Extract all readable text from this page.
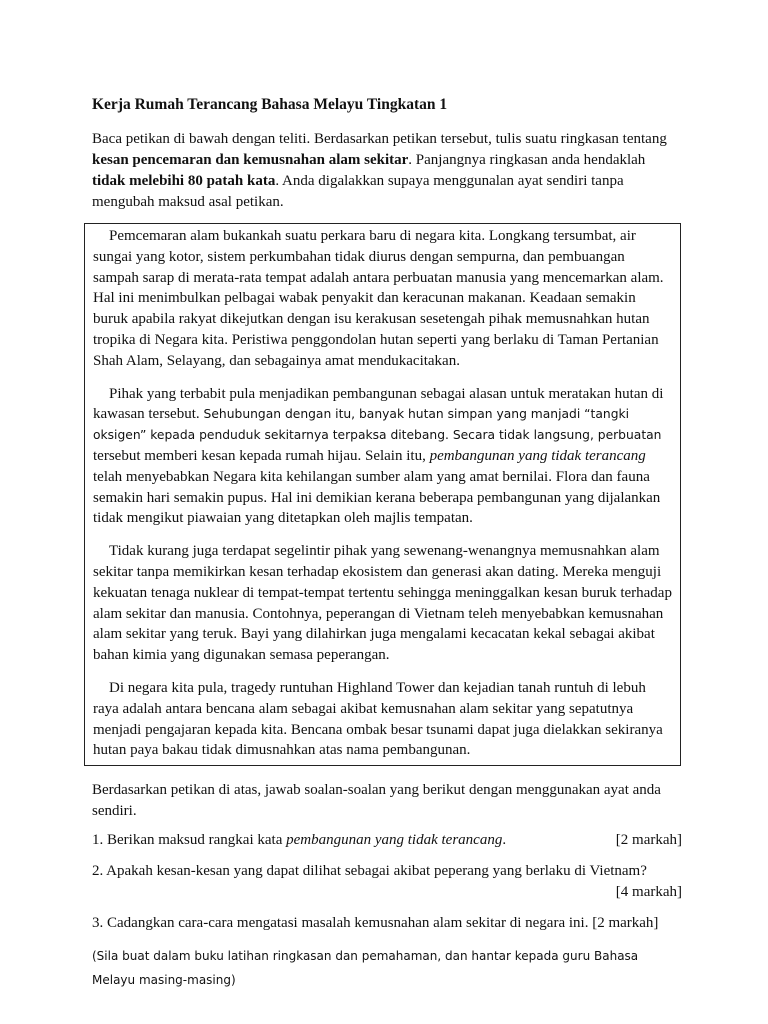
Kerja Rumah Terancang Bahasa Melayu Tingkatan 1
Baca petikan di bawah dengan teliti. Berdasarkan petikan tersebut, tulis suatu ringkasan tentang kesan pencemaran dan kemusnahan alam sekitar. Panjangnya ringkasan anda hendaklah tidak melebihi 80 patah kata. Anda digalakkan supaya menggunalan ayat sendiri tanpa mengubah maksud asal petikan.

Pemcemaran alam bukankah suatu perkara baru di negara kita. Longkang tersumbat, air sungai yang kotor, sistem perkumbahan tidak diurus dengan sempurna, dan pembuangan sampah sarap di merata-rata tempat adalah antara perbuatan manusia yang mencemarkan alam. Hal ini menimbulkan pelbagai wabak penyakit dan keracunan makanan. Keadaan semakin buruk apabila rakyat dikejutkan dengan isu kerakusan sesetengah pihak memusnahkan hutan tropika di Negara kita. Peristiwa penggondolan hutan seperti yang berlaku di Taman Pertanian Shah Alam, Selayang, dan sebagainya amat mendukacitakan.

Pihak yang terbabit pula menjadikan pembangunan sebagai alasan untuk meratakan hutan di kawasan tersebut. Sehubungan dengan itu, banyak hutan simpan yang manjadi “tangki oksigen” kepada penduduk sekitarnya terpaksa ditebang. Secara tidak langsung, perbuatan tersebut memberi kesan kepada rumah hijau. Selain itu, pembangunan yang tidak terancang telah menyebabkan Negara kita kehilangan sumber alam yang amat bernilai. Flora dan fauna semakin hari semakin pupus. Hal ini demikian kerana beberapa pembangunan yang dijalankan tidak mengikut piawaian yang ditetapkan oleh majlis tempatan.

Tidak kurang juga terdapat segelintir pihak yang sewenang-wenangnya memusnahkan alam sekitar tanpa memikirkan kesan terhadap ekosistem dan generasi akan dating. Mereka menguji kekuatan tenaga nuklear di tempat-tempat tertentu sehingga meninggalkan kesan buruk terhadap alam sekitar dan manusia. Contohnya, peperangan di Vietnam teleh menyebabkan kemusnahan alam sekitar yang teruk. Bayi yang dilahirkan juga mengalami kecacatan kekal sebagai akibat bahan kimia yang digunakan semasa peperangan.

Di negara kita pula, tragedy runtuhan Highland Tower dan kejadian tanah runtuh di lebuh raya adalah antara bencana alam sebagai akibat kemusnahan alam sekitar yang sepatutnya menjadi pengajaran kepada kita. Bencana ombak besar tsunami dapat juga dielakkan sekiranya hutan paya bakau tidak dimusnahkan atas nama pembangunan.

Berdasarkan petikan di atas, jawab soalan-soalan yang berikut dengan menggunakan ayat anda sendiri.
1. Berikan maksud rangkai kata pembangunan yang tidak terancang.	[2 markah]
2. Apakah kesan-kesan yang dapat dilihat sebagai akibat peperang yang berlaku di Vietnam?
[4 markah]
3. Cadangkan cara-cara mengatasi masalah kemusnahan alam sekitar di negara ini. [2 markah]
(Sila buat dalam buku latihan ringkasan dan pemahaman, dan hantar kepada guru Bahasa Melayu masing-masing)
